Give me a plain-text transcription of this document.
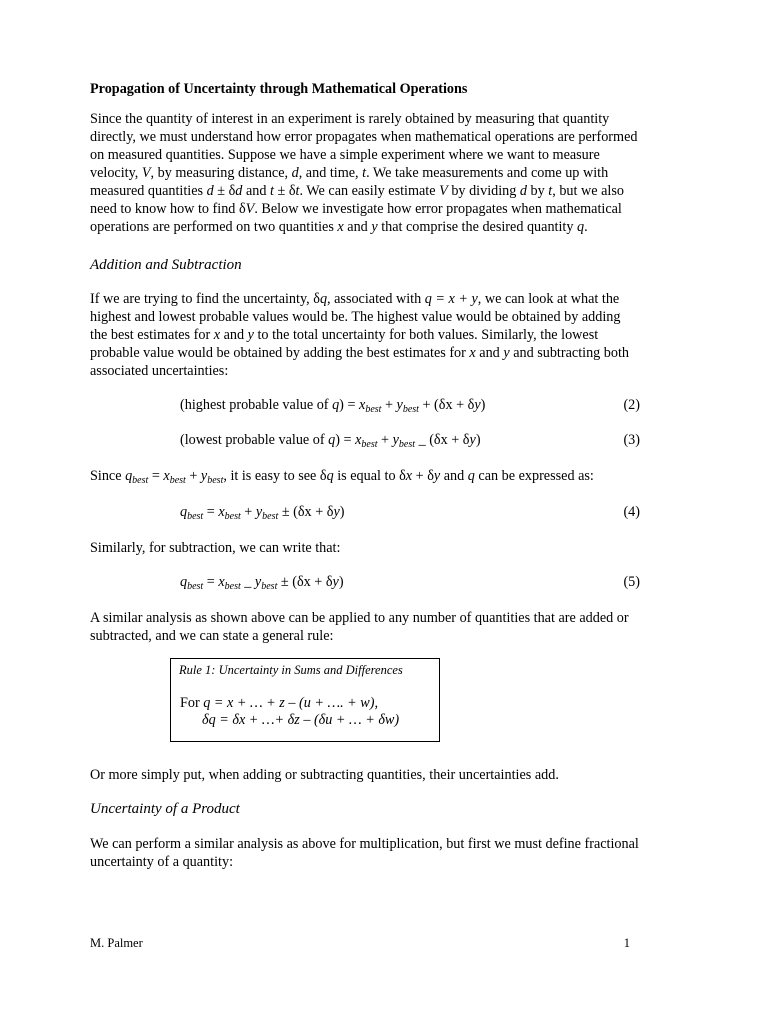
Propagation of Uncertainty through Mathematical Operations

Since the quantity of interest in an experiment is rarely obtained by measuring that quantity

directly, we must understand how error propagates when mathematical operations are performed

on measured quantities. Suppose we have a simple experiment where we want to measure

velocity, V, by measuring distance, d, and time, t. We take measurements and come up with

measured quantities d ± δd and t ± δt. We can easily estimate V by dividing d by t, but we also

need to know how to find δV. Below we investigate how error propagates when mathematical

operations are performed on two quantities x and y that comprise the desired quantity q.

Addition and Subtraction

If we are trying to find the uncertainty, δq, associated with q = x + y, we can look at what the

highest and lowest probable values would be. The highest value would be obtained by adding

the best estimates for x and y to the total uncertainty for both values. Similarly, the lowest

probable value would be obtained by adding the best estimates for x and y and subtracting both

associated uncertainties:

(highest probable value of $q) = x_{best} + y_{best} + (\delta x + \delta y)$	(2)
(lowest probable value of $q) = x_{best} + y_{best}$ _ (δx + δy)	(3)

Since $q_{best} = x_{best} + y_{best}$, it is easy to see δq is equal to δx + δy and q can be expressed as:

$q_{best} = x_{best} + y_{best} \pm (\delta x + \delta y)$	(4)

Similarly, for subtraction, we can write that:

$q_{best} = x_{best}$ _ $y_{best} \pm (\delta x + \delta y)$	(5)

A similar analysis as shown above can be applied to any number of quantities that are added or

subtracted, and we can state a general rule:

Rule 1: Uncertainty in Sums and Differences
For q = x + … + z – (u + …. + w),
δq = δx + …+ δz – (δu + … + δw)

Or more simply put, when adding or subtracting quantities, their uncertainties add.

Uncertainty of a Product

We can perform a similar analysis as above for multiplication, but first we must define fractional

uncertainty of a quantity:

M. Palmer	1
